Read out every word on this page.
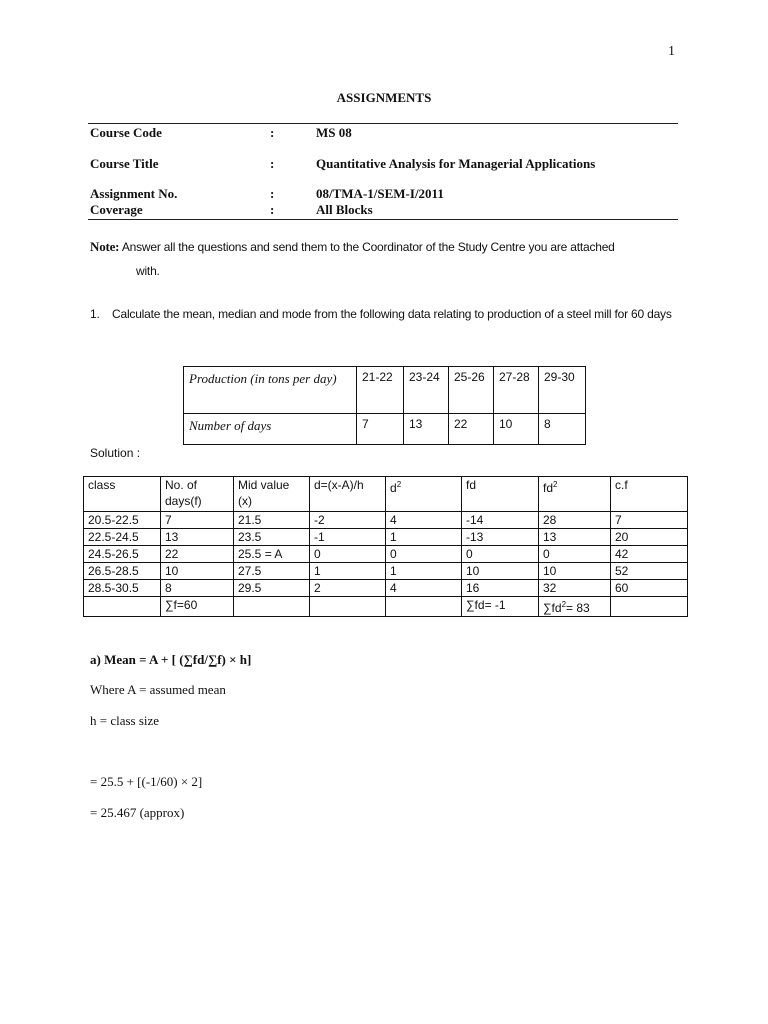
1
ASSIGNMENTS
Course Code	:	MS 08
Course Title	:	Quantitative Analysis for Managerial Applications
Assignment No.	:	08/TMA-1/SEM-I/2011
Coverage	:	All Blocks
Note: Answer all the questions and send them to the Coordinator of the Study Centre you are attached
with.
1. Calculate the mean, median and mode from the following data relating to production of a steel mill for 60 days
Production (in tons per day)	21-22	23-24	25-26	27-28	29-30
Number of days	7	13	22	10	8
Solution :
class	No. of days(f)	Mid value (x)	d=(x-A)/h	$d^2$	fd	$fd^2$	c.f
20.5-22.5	7	21.5	-2	4	-14	28	7
22.5-24.5	13	23.5	-1	1	-13	13	20
24.5-26.5	22	25.5 = A	0	0	0	0	42
26.5-28.5	10	27.5	1	1	10	10	52
28.5-30.5	8	29.5	2	4	16	32	60
	∑f=60				∑fd= -1	$\sum fd^2= 83$	
a) Mean = A + [ (∑fd/∑f) × h]
Where A = assumed mean
h = class size
= 25.5 + [(-1/60) × 2]
= 25.467 (approx)
